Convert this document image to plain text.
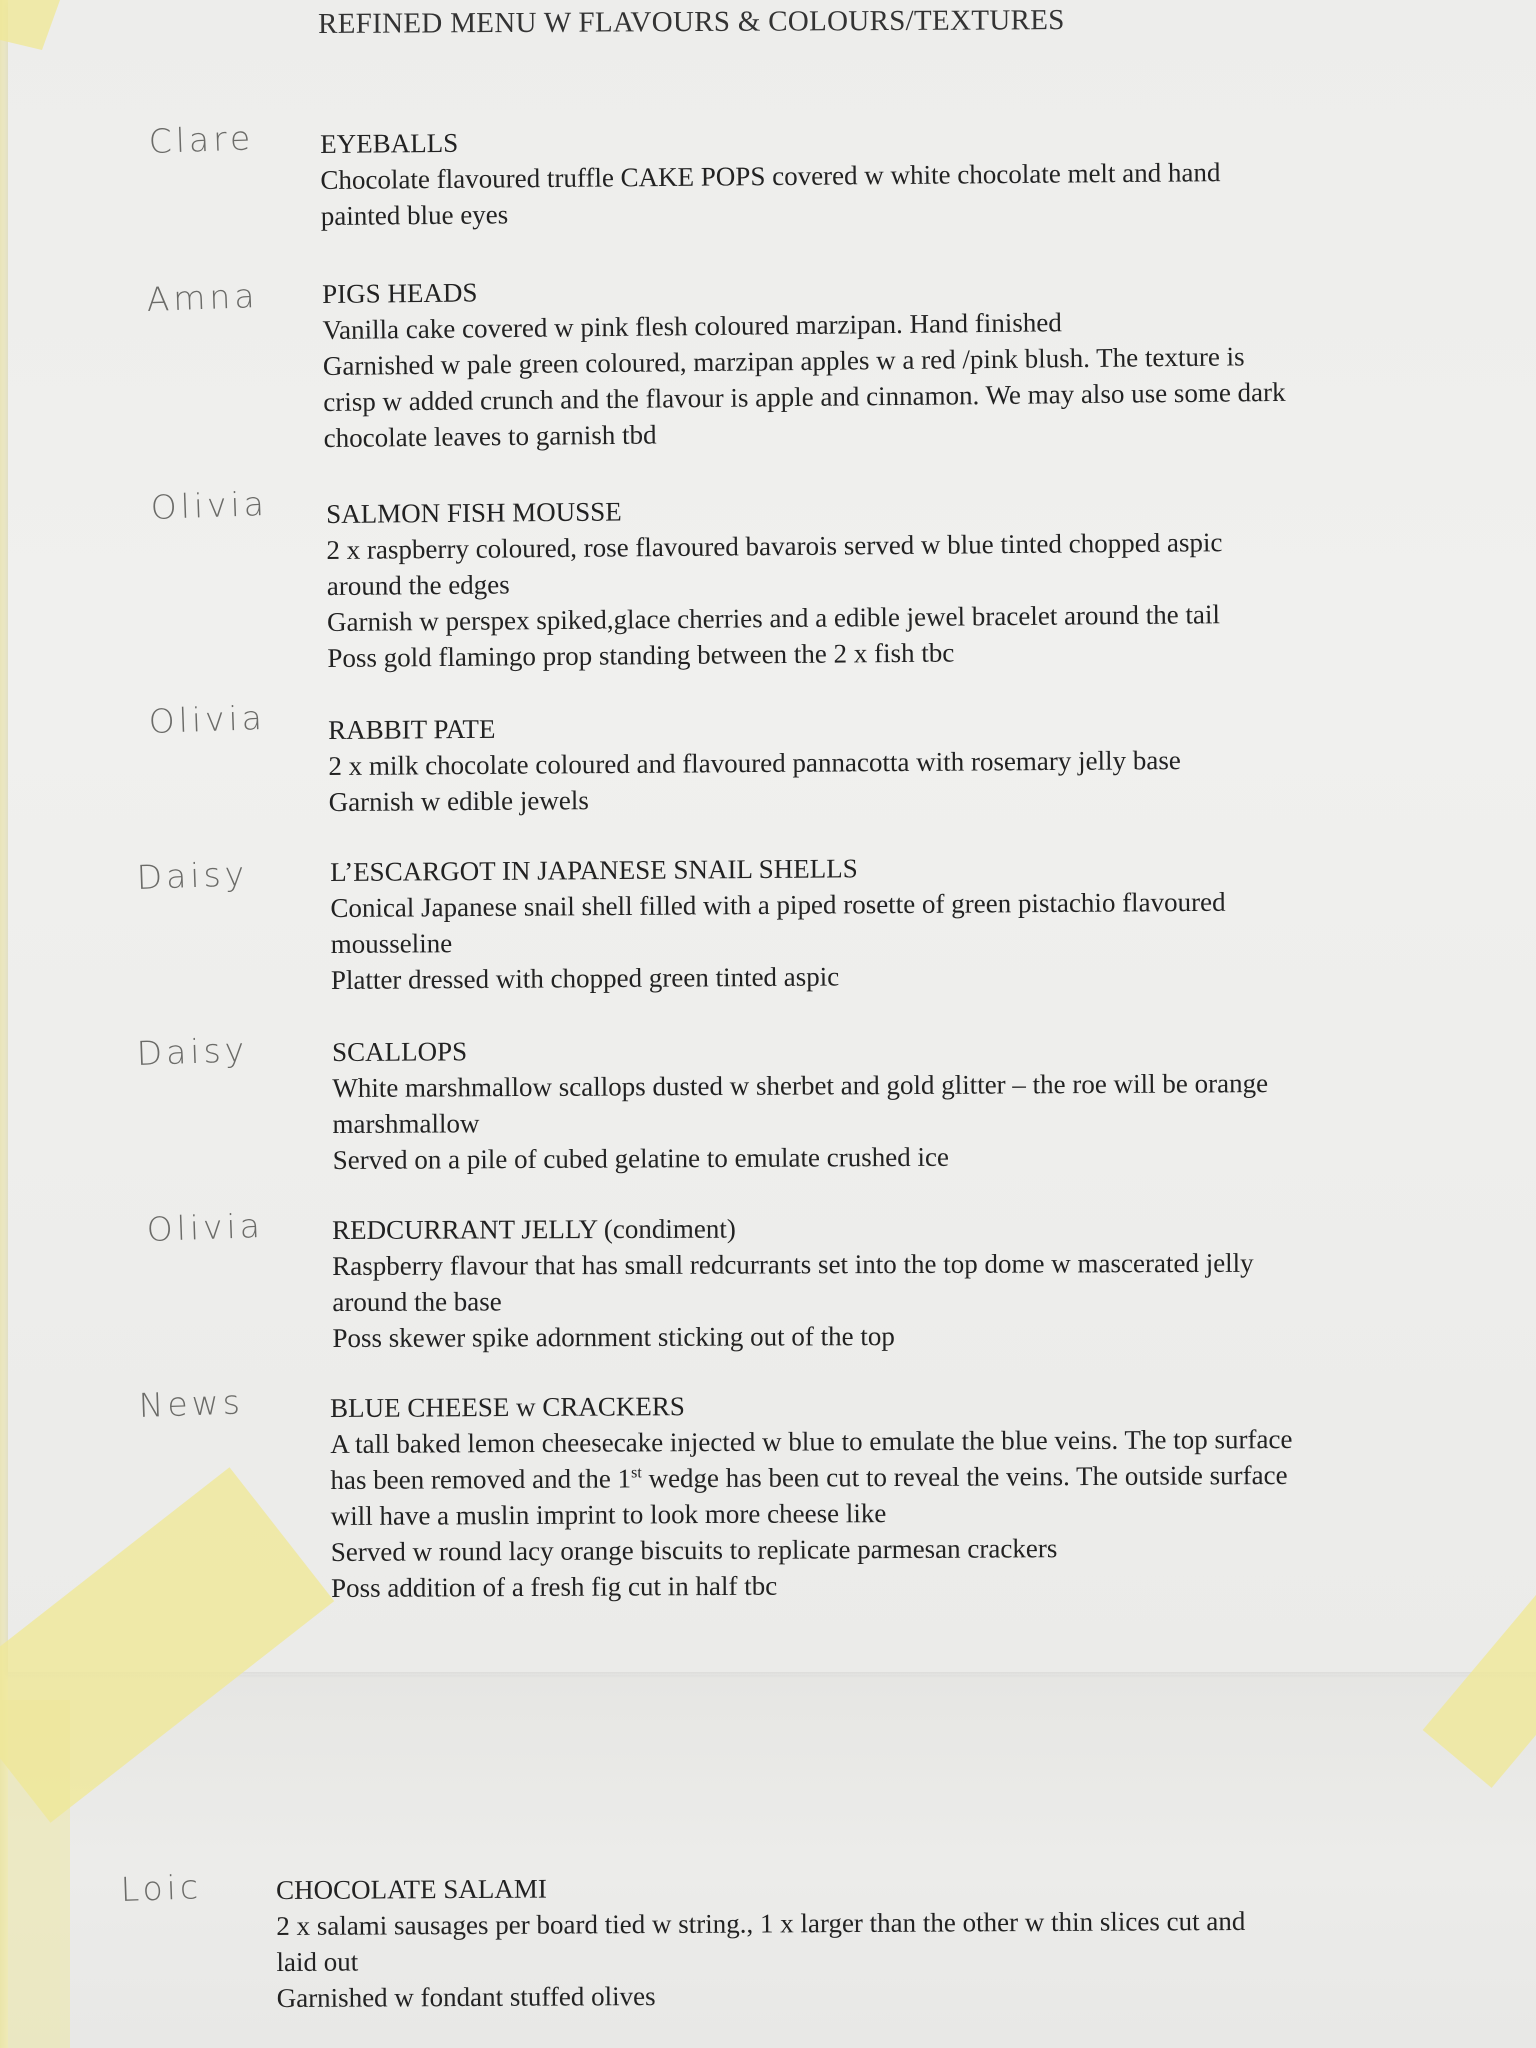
REFINED MENU W FLAVOURS & COLOURS/TEXTURES
Clare EYEBALLS
Chocolate flavoured truffle CAKE POPS covered w white chocolate melt and hand
painted blue eyes
Amna PIGS HEADS
Vanilla cake covered w pink flesh coloured marzipan. Hand finished
Garnished w pale green coloured, marzipan apples w a red /pink blush. The texture is
crisp w added crunch and the flavour is apple and cinnamon. We may also use some dark
chocolate leaves to garnish tbd
Olivia SALMON FISH MOUSSE
2 x raspberry coloured, rose flavoured bavarois served w blue tinted chopped aspic
around the edges
Garnish w perspex spiked,glace cherries and a edible jewel bracelet around the tail
Poss gold flamingo prop standing between the 2 x fish tbc
Olivia RABBIT PATE
2 x milk chocolate coloured and flavoured pannacotta with rosemary jelly base
Garnish w edible jewels
Daisy	L’ESCARGOT IN JAPANESE SNAIL SHELLS
Conical Japanese snail shell filled with a piped rosette of green pistachio flavoured
mousseline
Platter dressed with chopped green tinted aspic
Daisy	SCALLOPS
White marshmallow scallops dusted w sherbet and gold glitter – the roe will be orange
marshmallow
Served on a pile of cubed gelatine to emulate crushed ice
Olivia REDCURRANT JELLY (condiment)
Raspberry flavour that has small redcurrants set into the top dome w mascerated jelly
around the base
Poss skewer spike adornment sticking out of the top
News	BLUE CHEESE w CRACKERS
A tall baked lemon cheesecake injected w blue to emulate the blue veins. The top surface
has been removed and the 1st wedge has been cut to reveal the veins. The outside surface
will have a muslin imprint to look more cheese like
Served w round lacy orange biscuits to replicate parmesan crackers
Poss addition of a fresh fig cut in half tbc
Loic	CHOCOLATE SALAMI
2 x salami sausages per board tied w string., 1 x larger than the other w thin slices cut and
laid out
Garnished w fondant stuffed olives
